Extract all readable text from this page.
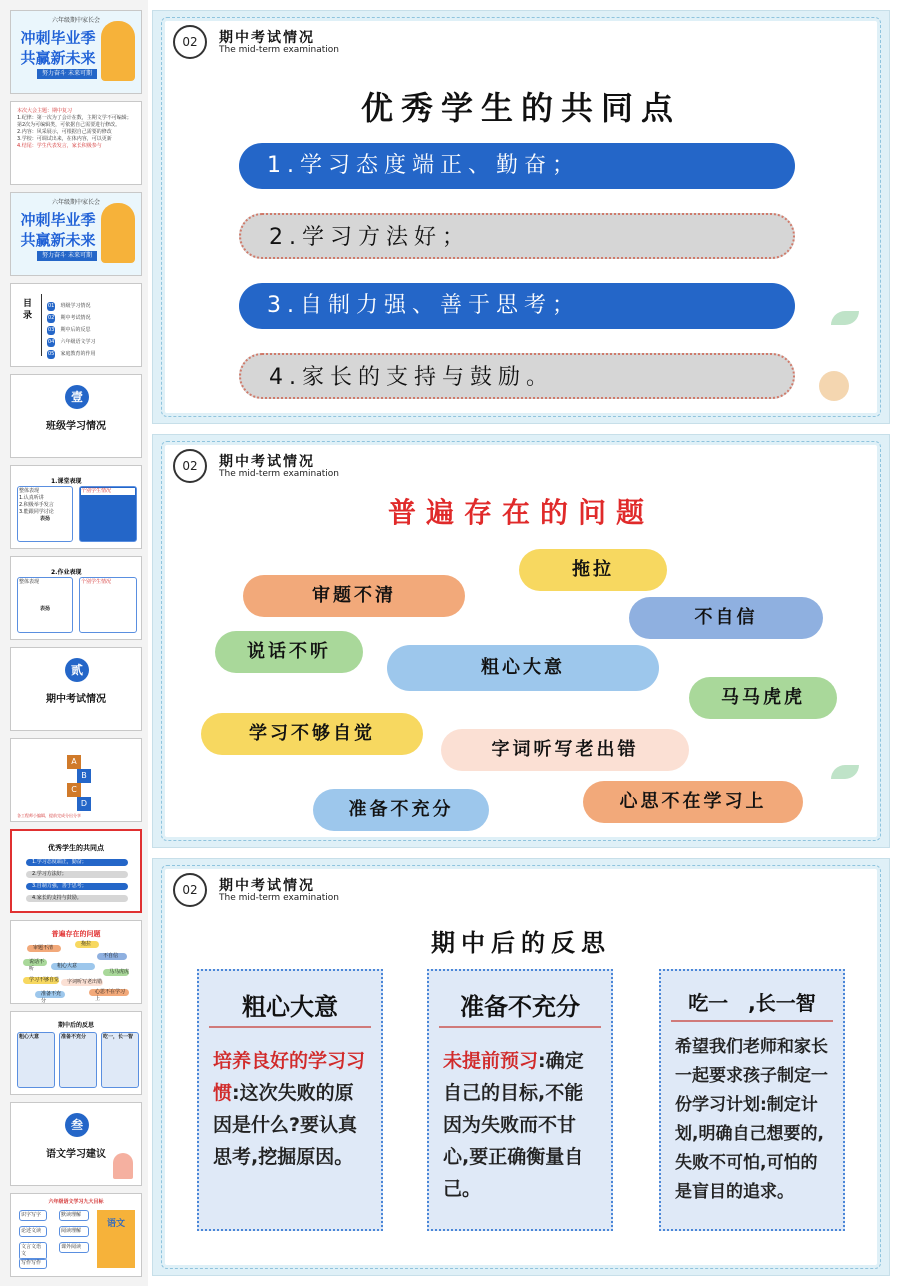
六年级期中家长会
冲刺毕业季
共赢新未来
努力奋斗 未来可期
本次大会主题：期中复习
1.纪律：第一次为了会计在数，主期文学不可编辑；第2次为可编辑类，可依据自己需要进行修改。
2.内容：风采展示，可根据自己需要的修改
3.学校：可调试出来，在体内容，可以更新
4.结尾：学生代表发言，家长积极参与
六年级期中家长会
冲刺毕业季
共赢新未来
努力奋斗 未来可期
目 录
01 班级学习情况
02 期中考试情况
03 期中后的反思
04 六年级语文学习
05 家庭教育的作用
壹
班级学习情况
1.课堂表现
整体表现
1.认真听讲
2.积极举手发言
3.能跟同学讨论
表扬
个别学生情况
2.作业表现
整体表现
表扬
个别学生情况
贰
期中考试情况
A
B
C
D
各工程师小编辑，提前完成分出分享
优秀学生的共同点
1.学习态度端正，勤奋；
2.学习方法好；
3.自制力强，善于思考；
4.家长的支持与鼓励。
普遍存在的问题
审题不清
拖拉
不自信
说话不听	粗心大意
马马虎虎
学习不够自觉	字词听写老出错
准备不充分
心思不在学习上
期中后的反思
粗心大意	准备不充分	吃一，长一智
叁
语文学习建议
六年级语文学习九大目标
识字写字	默读理解
论述文读	阅读理解
文言文语文
课外阅读
写作写作
语文
02	期中考试情况
The mid-term examination
优秀学生的共同点
1.学习态度端正、勤奋；
2.学习方法好；
3.自制力强、善于思考；
4.家长的支持与鼓励。
02	期中考试情况
The mid-term examination
普遍存在的问题
审题不清
拖拉
不自信
说话不听
粗心大意
马马虎虎
学习不够自觉
字词听写老出错
准备不充分	心思不在学习上
02	期中考试情况
The mid-term examination
期中后的反思
粗心大意
培养良好的学习习惯:这次失败的原因是什么?要认真思考,挖掘原因。
准备不充分
未提前预习:确定自己的目标,不能因为失败而不甘心,要正确衡量自己。
吃一　,长一智
希望我们老师和家长一起要求孩子制定一份学习计划:制定计划,明确自己想要的,失败不可怕,可怕的是盲目的追求。
